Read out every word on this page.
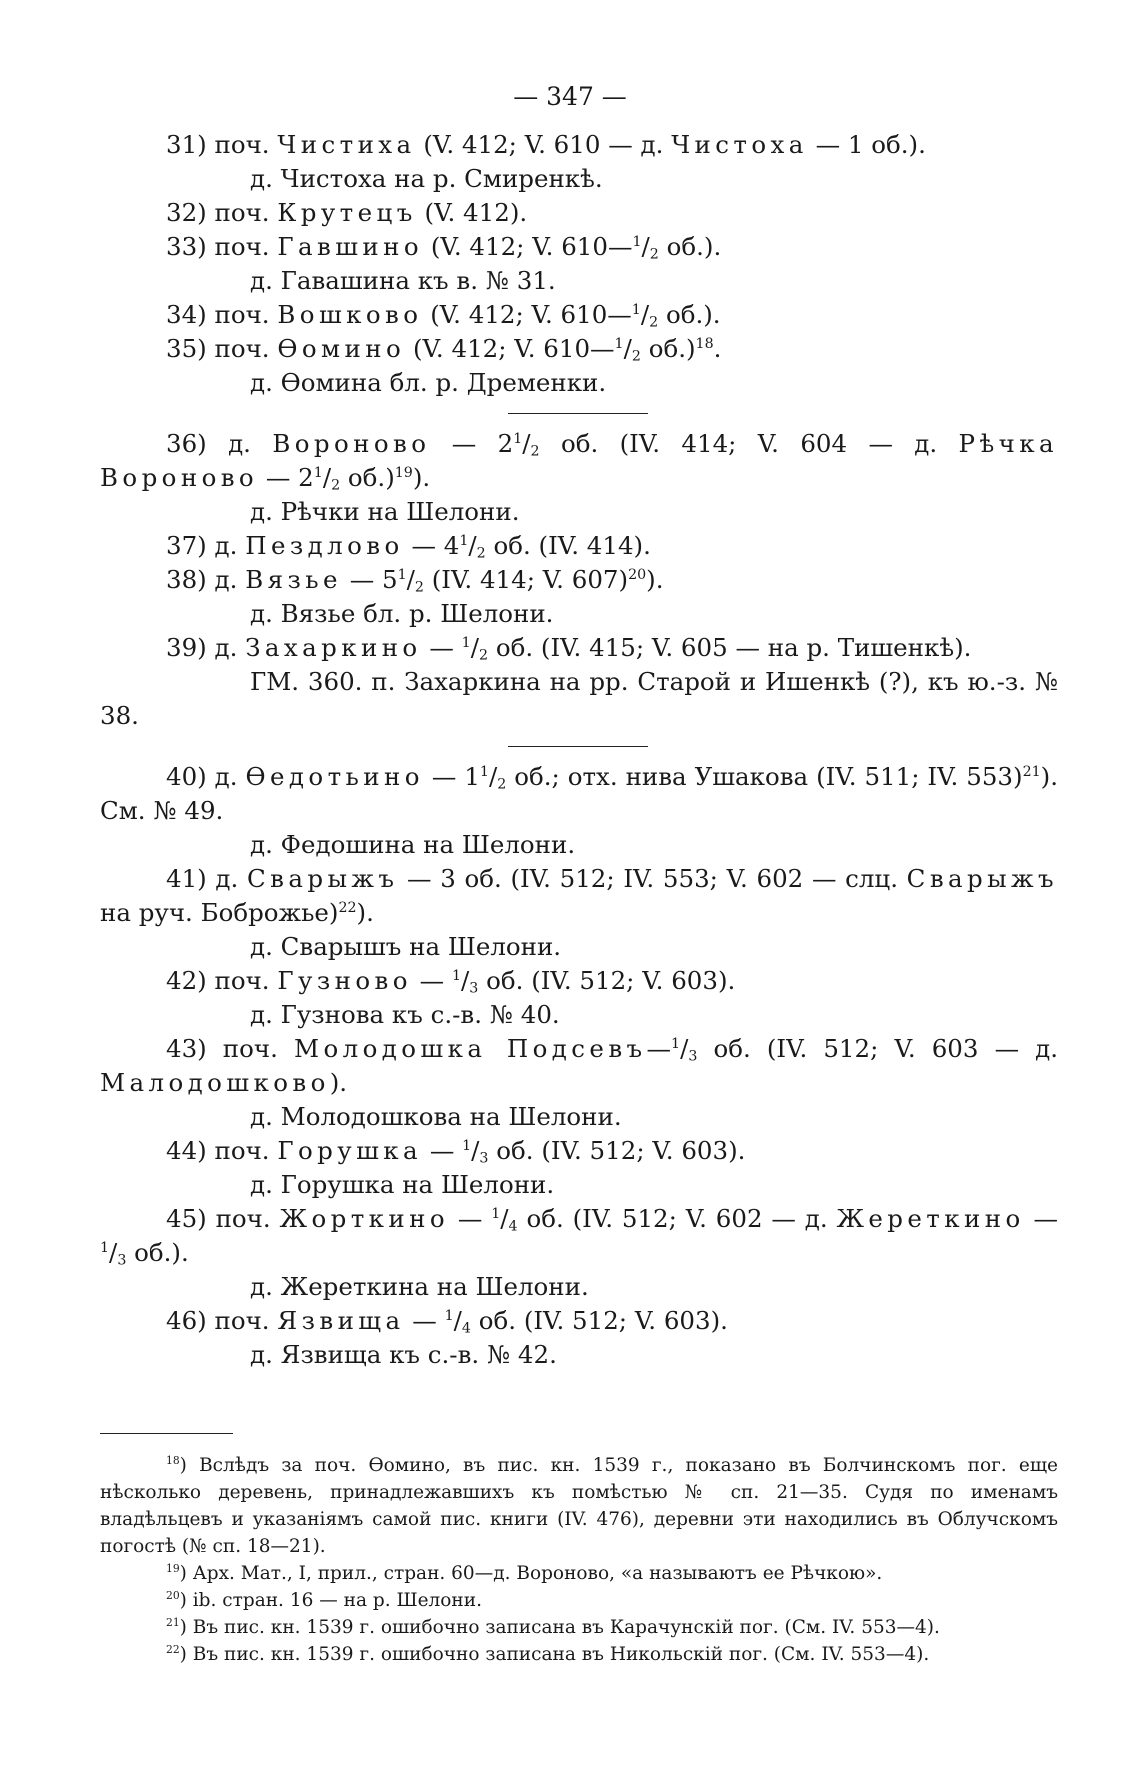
— 347 —

31) поч. Чистиха (V. 412; V. 610 — д. Чистоха — 1 об.).

д. Чистоха на р. Смиренкѣ.

32) поч. Крутецъ (V. 412).

33) поч. Гавшино (V. 412; V. $610—^1/_2$ об.).

д. Гавашина къ в. № 31.

34) поч. Вошково (V. 412; V. $610—^1/_2$ об.).

35) поч. Ѳомино (V. 412; V. $610—^1/_2$ об.)$^{18}$.

д. Ѳомина бл. р. Дременки.

36) д. Вороново — $2^1/_2$ об. (IV. 414; V. 604 — д. Рѣчка Вороново — $2^1/_2$ об.)$^{19}$).

д. Рѣчки на Шелони.

37) д. Пездлово — $4^1/_2$ об. (IV. 414).

38) д. Вязье — $5^1/_2$ (IV. 414; V. 607)$^{20}$).

д. Вязье бл. р. Шелони.

39) д. Захаркино — $^1/_2$ об. (IV. 415; V. 605 — на р. Тишенкѣ).

ГМ. 360. п. Захаркина на рр. Старой и Ишенкѣ (?), къ ю.-з. № 38.

40) д. Ѳедотьино — $1^1/_2$ об.; отх. нива Ушакова (IV. 511; IV. 553)$^{21}$). См. № 49.

д. Федошина на Шелони.

41) д. Сварыжъ — 3 об. (IV. 512; IV. 553; V. 602 — слц. Сварыжъ на руч. Боброжье)$^{22}$).

д. Сварышъ на Шелони.

42) поч. Гузново — $^1/_3$ об. (IV. 512; V. 603).

д. Гузнова къ с.-в. № 40.

43) поч. Молодошка $Подсевъ—^1/_3$ об. (IV. 512; V. 603 — д. Малодошково).

д. Молодошкова на Шелони.

44) поч. Горушка — $^1/_3$ об. (IV. 512; V. 603).

д. Горушка на Шелони.

45) поч. Жорткино — $^1/_4$ об. (IV. 512; V. 602 — д. Жереткино — $^1/_3$ об.).

д. Жереткина на Шелони.

46) поч. Язвища — $^1/_4$ об. (IV. 512; V. 603).

д. Язвища къ с.-в. № 42.

$^{18}$) Вслѣдъ за поч. Ѳомино, въ пис. кн. 1539 г., показано въ Болчинскомъ пог. еще нѣсколько деревень, принадлежавшихъ къ помѣстью № сп. 21—35. Судя по именамъ владѣльцевъ и указаніямъ самой пис. книги (IV. 476), деревни эти находились въ Облучскомъ погостѣ (№ сп. 18—21).

$^{19}$) Арх. Мат., I, прил., стран. 60—д. Вороново, «а называютъ ее Рѣчкою».

$^{20}$) ib. стран. 16 — на р. Шелони.

$^{21}$) Въ пис. кн. 1539 г. ошибочно записана въ Карачунскій пог. (См. IV. 553—4).

$^{22}$) Въ пис. кн. 1539 г. ошибочно записана въ Никольскій пог. (См. IV. 553—4).
